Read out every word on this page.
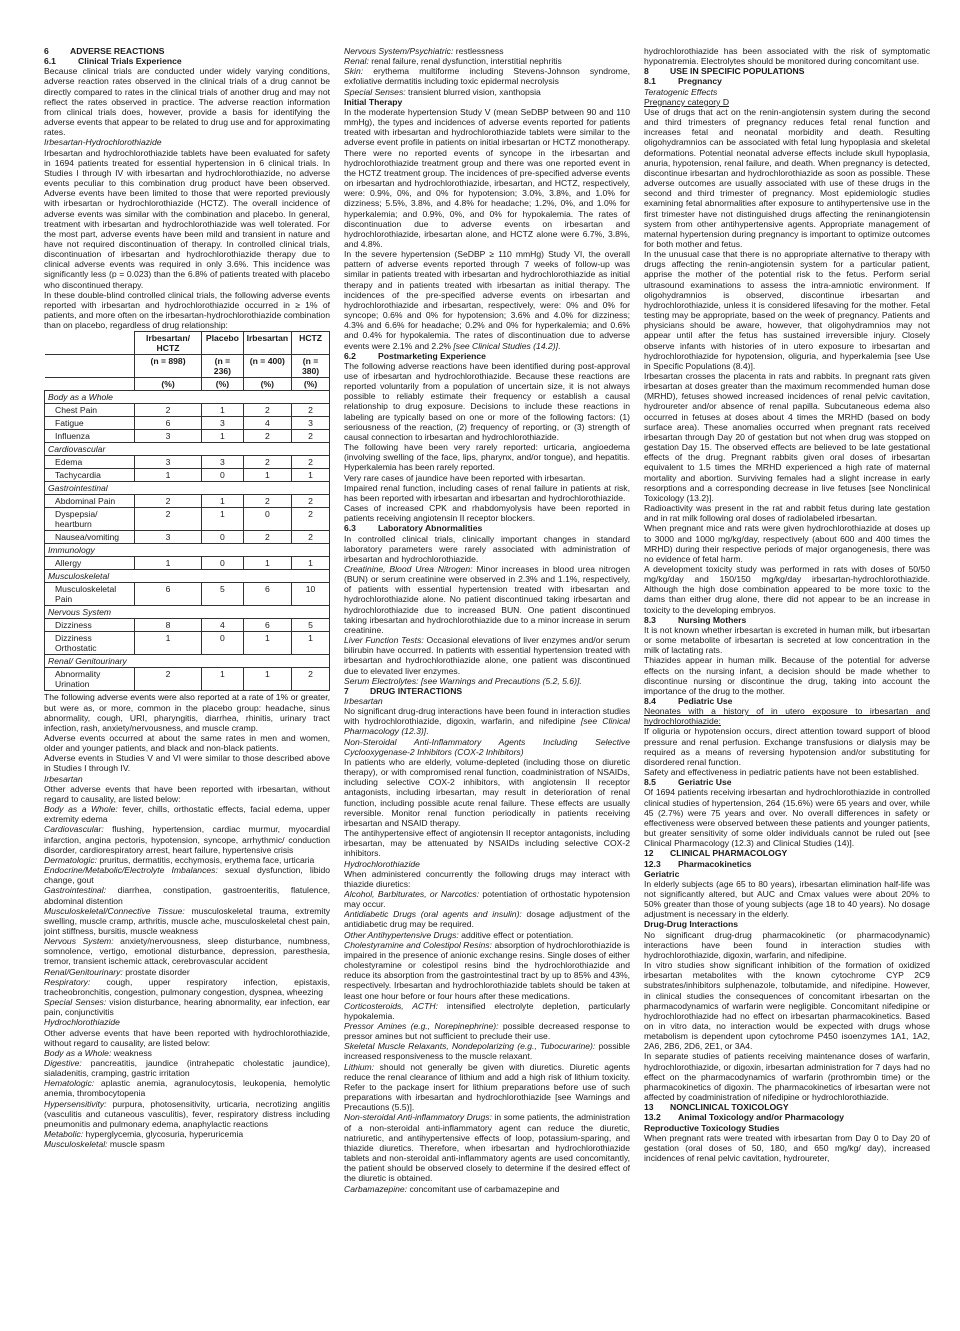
6 ADVERSE REACTIONS

6.1	Clinical Trials Experience

Because clinical trials are conducted under widely varying conditions, adverse reaction rates observed in the clinical trials of a drug cannot be directly compared to rates in the clinical trials of another drug and may not reflect the rates observed in practice. The adverse reaction information from clinical trials does, however, provide a basis for identifying the adverse events that appear to be related to drug use and for approximating rates.

Irbesartan-Hydrochlorothiazide

Irbesartan and hydrochlorothiazide tablets have been evaluated for safety in 1694 patients treated for essential hypertension in 6 clinical trials. In Studies I through IV with irbesartan and hydrochlorothiazide, no adverse events peculiar to this combination drug product have been observed. Adverse events have been limited to those that were reported previously with irbesartan or hydrochlorothiazide (HCTZ). The overall incidence of adverse events was similar with the combination and placebo. In general, treatment with irbesartan and hydrochlorothiazide was well tolerated. For the most part, adverse events have been mild and transient in nature and have not required discontinuation of therapy. In controlled clinical trials, discontinuation of irbesartan and hydrochlorothiazide therapy due to clinical adverse events was required in only 3.6%. This incidence was significantly less (p = 0.023) than the 6.8% of patients treated with placebo who discontinued therapy.

In these double-blind controlled clinical trials, the following adverse events reported with irbesartan and hydrochlorothiazide occurred in ≥ 1% of patients, and more often on the irbesartan-hydrochlorothiazide combination than on placebo, regardless of drug relationship:

	Irbesartan/ HCTZ	Placebo	Irbesartan	HCTZ
	(n = 898)	(n = 236)	(n = 400)	(n = 380)
	(%)	(%)	(%)	(%)
Body as a Whole				
Chest Pain	2	1	2	2
Fatigue	6	3	4	3
Influenza	3	1	2	2
Cardiovascular				
Edema	3	3	2	2
Tachycardia	1	0	1	1
Gastrointestinal				
Abdominal Pain	2	1	2	2
Dyspepsia/ heartburn	2	1	0	2
Nausea/vomiting	3	0	2	2
Immunology				
Allergy	1	0	1	1
Musculoskeletal				
Musculoskeletal Pain	6	5	6	10
Nervous System				
Dizziness	8	4	6	5
Dizziness Orthostatic	1	0	1	1
Renal/ Genitourinary				
Abnormality Urination	2	1	1	2

The following adverse events were also reported at a rate of 1% or greater, but were as, or more, common in the placebo group: headache, sinus abnormality, cough, URI, pharyngitis, diarrhea, rhinitis, urinary tract infection, rash, anxiety/nervousness, and muscle cramp.

Adverse events occurred at about the same rates in men and women, older and younger patients, and black and non-black patients.

Adverse events in Studies V and VI were similar to those described above in Studies I through IV.

Irbesartan

Other adverse events that have been reported with irbesartan, without regard to causality, are listed below:

Body as a Whole: fever, chills, orthostatic effects, facial edema, upper extremity edema

Cardiovascular: flushing, hypertension, cardiac murmur, myocardial infarction, angina pectoris, hypotension, syncope, arrhythmic/ conduction disorder, cardiorespiratory arrest, heart failure, hypertensive crisis

Dermatologic: pruritus, dermatitis, ecchymosis, erythema face, urticaria

Endocrine/Metabolic/Electrolyte Imbalances: sexual dysfunction, libido change, gout

Gastrointestinal: diarrhea, constipation, gastroenteritis, flatulence, abdominal distention

Musculoskeletal/Connective Tissue: musculoskeletal trauma, extremity swelling, muscle cramp, arthritis, muscle ache, musculoskeletal chest pain, joint stiffness, bursitis, muscle weakness

Nervous System: anxiety/nervousness, sleep disturbance, numbness, somnolence, vertigo, emotional disturbance, depression, paresthesia, tremor, transient ischemic attack, cerebrovascular accident

Renal/Genitourinary: prostate disorder

Respiratory: cough, upper respiratory infection, epistaxis, tracheobronchitis, congestion, pulmonary congestion, dyspnea, wheezing

Special Senses: vision disturbance, hearing abnormality, ear infection, ear pain, conjunctivitis

Hydrochlorothiazide

Other adverse events that have been reported with hydrochlorothiazide, without regard to causality, are listed below:

Body as a Whole: weakness

Digestive: pancreatitis, jaundice (intrahepatic cholestatic jaundice), sialadenitis, cramping, gastric irritation

Hematologic: aplastic anemia, agranulocytosis, leukopenia, hemolytic anemia, thrombocytopenia

Hypersensitivity: purpura, photosensitivity, urticaria, necrotizing angiitis (vasculitis and cutaneous vasculitis), fever, respiratory distress including pneumonitis and pulmonary edema, anaphylactic reactions

Metabolic: hyperglycemia, glycosuria, hyperuricemia

Musculoskeletal: muscle spasm

Nervous System/Psychiatric: restlessness

Renal: renal failure, renal dysfunction, interstitial nephritis

Skin: erythema multiforme including Stevens-Johnson syndrome, exfoliative dermatitis including toxic epidermal necrolysis

Special Senses: transient blurred vision, xanthopsia

Initial Therapy

In the moderate hypertension Study V (mean SeDBP between 90 and 110 mmHg), the types and incidences of adverse events reported for patients treated with irbesartan and hydrochlorothiazide tablets were similar to the adverse event profile in patients on initial irbesartan or HCTZ monotherapy. There were no reported events of syncope in the irbesartan and hydrochlorothiazide treatment group and there was one reported event in the HCTZ treatment group. The incidences of pre-specified adverse events on irbesartan and hydrochlorothiazide, irbesartan, and HCTZ, respectively, were: 0.9%, 0%, and 0% for hypotension; 3.0%, 3.8%, and 1.0% for dizziness; 5.5%, 3.8%, and 4.8% for headache; 1.2%, 0%, and 1.0% for hyperkalemia; and 0.9%, 0%, and 0% for hypokalemia. The rates of discontinuation due to adverse events on irbesartan and hydrochlorothiazide, irbesartan alone, and HCTZ alone were 6.7%, 3.8%, and 4.8%.

In the severe hypertension (SeDBP ≥ 110 mmHg) Study VI, the overall pattern of adverse events reported through 7 weeks of follow-up was similar in patients treated with irbesartan and hydrochlorothiazide as initial therapy and in patients treated with irbesartan as initial therapy. The incidences of the pre-specified adverse events on irbesartan and hydrochlorothiazide and irbesartan, respectively, were: 0% and 0% for syncope; 0.6% and 0% for hypotension; 3.6% and 4.0% for dizziness; 4.3% and 6.6% for headache; 0.2% and 0% for hyperkalemia; and 0.6% and 0.4% for hypokalemia. The rates of discontinuation due to adverse events were 2.1% and 2.2% [see Clinical Studies (14.2)].

6.2	Postmarketing Experience

The following adverse reactions have been identified during post-approval use of irbesartan and hydrochlorothiazide. Because these reactions are reported voluntarily from a population of uncertain size, it is not always possible to reliably estimate their frequency or establish a causal relationship to drug exposure. Decisions to include these reactions in labeling are typically based on one or more of the following factors: (1) seriousness of the reaction, (2) frequency of reporting, or (3) strength of causal connection to irbesartan and hydrochlorothiazide.

The following have been very rarely reported: urticaria, angioedema (involving swelling of the face, lips, pharynx, and/or tongue), and hepatitis. Hyperkalemia has been rarely reported.

Very rare cases of jaundice have been reported with irbesartan.

Impaired renal function, including cases of renal failure in patients at risk, has been reported with irbesartan and irbesartan and hydrochlorothiazide.

Cases of increased CPK and rhabdomyolysis have been reported in patients receiving angiotensin II receptor blockers.

6.3	Laboratory Abnormalities

In controlled clinical trials, clinically important changes in standard laboratory parameters were rarely associated with administration of irbesartan and hydrochlorothiazide.

Creatinine, Blood Urea Nitrogen: Minor increases in blood urea nitrogen (BUN) or serum creatinine were observed in 2.3% and 1.1%, respectively, of patients with essential hypertension treated with irbesartan and hydrochlorothiazide alone. No patient discontinued taking irbesartan and hydrochlorothiazide due to increased BUN. One patient discontinued taking irbesartan and hydrochlorothiazide due to a minor increase in serum creatinine.

Liver Function Tests: Occasional elevations of liver enzymes and/or serum bilirubin have occurred. In patients with essential hypertension treated with irbesartan and hydrochlorothiazide alone, one patient was discontinued due to elevated liver enzymes.

Serum Electrolytes: [see Warnings and Precautions (5.2, 5.6)].

7 DRUG INTERACTIONS

Irbesartan

No significant drug-drug interactions have been found in interaction studies with hydrochlorothiazide, digoxin, warfarin, and nifedipine [see Clinical Pharmacology (12.3)].

Non-Steroidal Anti-Inflammatory Agents Including Selective Cyclooxygenase-2 Inhibitors (COX-2 Inhibitors)

In patients who are elderly, volume-depleted (including those on diuretic therapy), or with compromised renal function, coadministration of NSAIDs, including selective COX-2 inhibitors, with angiotensin II receptor antagonists, including irbesartan, may result in deterioration of renal function, including possible acute renal failure. These effects are usually reversible. Monitor renal function periodically in patients receiving irbesartan and NSAID therapy.

The antihypertensive effect of angiotensin II receptor antagonists, including irbesartan, may be attenuated by NSAIDs including selective COX-2 inhibitors.

Hydrochlorothiazide

When administered concurrently the following drugs may interact with thiazide diuretics:

Alcohol, Barbiturates, or Narcotics: potentiation of orthostatic hypotension may occur.

Antidiabetic Drugs (oral agents and insulin): dosage adjustment of the antidiabetic drug may be required.

Other Antihypertensive Drugs: additive effect or potentiation.

Cholestyramine and Colestipol Resins: absorption of hydrochlorothiazide is impaired in the presence of anionic exchange resins. Single doses of either cholestyramine or colestipol resins bind the hydrochlorothiazide and reduce its absorption from the gastrointestinal tract by up to 85% and 43%, respectively. Irbesartan and hydrochlorothiazide tablets should be taken at least one hour before or four hours after these medications.

Corticosteroids, ACTH: intensified electrolyte depletion, particularly hypokalemia.

Pressor Amines (e.g., Norepinephrine): possible decreased response to pressor amines but not sufficient to preclude their use.

Skeletal Muscle Relaxants, Nondepolarizing (e.g., Tubocurarine): possible increased responsiveness to the muscle relaxant.

Lithium: should not generally be given with diuretics. Diuretic agents reduce the renal clearance of lithium and add a high risk of lithium toxicity. Refer to the package insert for lithium preparations before use of such preparations with irbesartan and hydrochlorothiazide [see Warnings and Precautions (5.5)].

Non-steroidal Anti-inflammatory Drugs: in some patients, the administration of a non-steroidal anti-inflammatory agent can reduce the diuretic, natriuretic, and antihypertensive effects of loop, potassium-sparing, and thiazide diuretics. Therefore, when irbesartan and hydrochlorothiazide tablets and non-steroidal anti-inflammatory agents are used concomitantly, the patient should be observed closely to determine if the desired effect of the diuretic is obtained.

Carbamazepine: concomitant use of carbamazepine and

hydrochlorothiazide has been associated with the risk of symptomatic hyponatremia. Electrolytes should be monitored during concomitant use.

8 USE IN SPECIFIC POPULATIONS

8.1	Pregnancy

Teratogenic Effects

Pregnancy category D

Use of drugs that act on the renin-angiotensin system during the second and third trimesters of pregnancy reduces fetal renal function and increases fetal and neonatal morbidity and death. Resulting oligohydramnios can be associated with fetal lung hypoplasia and skeletal deformations. Potential neonatal adverse effects include skull hypoplasia, anuria, hypotension, renal failure, and death. When pregnancy is detected, discontinue irbesartan and hydrochlorothiazide as soon as possible. These adverse outcomes are usually associated with use of these drugs in the second and third trimester of pregnancy. Most epidemiologic studies examining fetal abnormalities after exposure to antihypertensive use in the first trimester have not distinguished drugs affecting the reninangiotensin system from other antihypertensive agents. Appropriate management of maternal hypertension during pregnancy is important to optimize outcomes for both mother and fetus.

In the unusual case that there is no appropriate alternative to therapy with drugs affecting the renin-angiotensin system for a particular patient, apprise the mother of the potential risk to the fetus. Perform serial ultrasound examinations to assess the intra-amniotic environment. If oligohydramnios is observed, discontinue irbesartan and hydrochlorothiazide, unless it is considered lifesaving for the mother. Fetal testing may be appropriate, based on the week of pregnancy. Patients and physicians should be aware, however, that oligohydramnios may not appear until after the fetus has sustained irreversible injury. Closely observe infants with histories of in utero exposure to irbesartan and hydrochlorothiazide for hypotension, oliguria, and hyperkalemia [see Use in Specific Populations (8.4)].

Irbesartan crosses the placenta in rats and rabbits. In pregnant rats given irbesartan at doses greater than the maximum recommended human dose (MRHD), fetuses showed increased incidences of renal pelvic cavitation, hydroureter and/or absence of renal papilla. Subcutaneous edema also occurred in fetuses at doses about 4 times the MRHD (based on body surface area). These anomalies occurred when pregnant rats received irbesartan through Day 20 of gestation but not when drug was stopped on gestation Day 15. The observed effects are believed to be late gestational effects of the drug. Pregnant rabbits given oral doses of irbesartan equivalent to 1.5 times the MRHD experienced a high rate of maternal mortality and abortion. Surviving females had a slight increase in early resorptions and a corresponding decrease in live fetuses [see Nonclinical Toxicology (13.2)].

Radioactivity was present in the rat and rabbit fetus during late gestation and in rat milk following oral doses of radiolabeled irbesartan.

When pregnant mice and rats were given hydrochlorothiazide at doses up to 3000 and 1000 mg/kg/day, respectively (about 600 and 400 times the MRHD) during their respective periods of major organogenesis, there was no evidence of fetal harm.

A development toxicity study was performed in rats with doses of 50/50 mg/kg/day and 150/150 mg/kg/day irbesartan-hydrochlorothiazide. Although the high dose combination appeared to be more toxic to the dams than either drug alone, there did not appear to be an increase in toxicity to the developing embryos.

8.3	Nursing Mothers

It is not known whether irbesartan is excreted in human milk, but irbesartan or some metabolite of irbesartan is secreted at low concentration in the milk of lactating rats.

Thiazides appear in human milk. Because of the potential for adverse effects on the nursing infant, a decision should be made whether to discontinue nursing or discontinue the drug, taking into account the importance of the drug to the mother.

8.4	Pediatric Use

Neonates with a history of in utero exposure to irbesartan and hydrochlorothiazide:

If oliguria or hypotension occurs, direct attention toward support of blood pressure and renal perfusion. Exchange transfusions or dialysis may be required as a means of reversing hypotension and/or substituting for disordered renal function.

Safety and effectiveness in pediatric patients have not been established.

8.5	Geriatric Use

Of 1694 patients receiving irbesartan and hydrochlorothiazide in controlled clinical studies of hypertension, 264 (15.6%) were 65 years and over, while 45 (2.7%) were 75 years and over. No overall differences in safety or effectiveness were observed between these patients and younger patients, but greater sensitivity of some older individuals cannot be ruled out [see Clinical Pharmacology (12.3) and Clinical Studies (14)].

12 CLINICAL PHARMACOLOGY

12.3 Pharmacokinetics

Geriatric

In elderly subjects (age 65 to 80 years), irbesartan elimination half-life was not significantly altered, but AUC and Cmax values were about 20% to 50% greater than those of young subjects (age 18 to 40 years). No dosage adjustment is necessary in the elderly.

Drug-Drug Interactions

No significant drug-drug pharmacokinetic (or pharmacodynamic) interactions have been found in interaction studies with hydrochlorothiazide, digoxin, warfarin, and nifedipine.

In vitro studies show significant inhibition of the formation of oxidized irbesartan metabolites with the known cytochrome CYP 2C9 substrates/inhibitors sulphenazole, tolbutamide, and nifedipine. However, in clinical studies the consequences of concomitant irbesartan on the pharmacodynamics of warfarin were negligible. Concomitant nifedipine or hydrochlorothiazide had no effect on irbesartan pharmacokinetics. Based on in vitro data, no interaction would be expected with drugs whose metabolism is dependent upon cytochrome P450 isoenzymes 1A1, 1A2, 2A6, 2B6, 2D6, 2E1, or 3A4.

In separate studies of patients receiving maintenance doses of warfarin, hydrochlorothiazide, or digoxin, irbesartan administration for 7 days had no effect on the pharmacodynamics of warfarin (prothrombin time) or the pharmacokinetics of digoxin. The pharmacokinetics of irbesartan were not affected by coadministration of nifedipine or hydrochlorothiazide.

13 NONCLINICAL TOXICOLOGY

13.2 Animal Toxicology and/or Pharmacology

Reproductive Toxicology Studies

When pregnant rats were treated with irbesartan from Day 0 to Day 20 of gestation (oral doses of 50, 180, and 650 mg/kg/ day), increased incidences of renal pelvic cavitation, hydroureter,
